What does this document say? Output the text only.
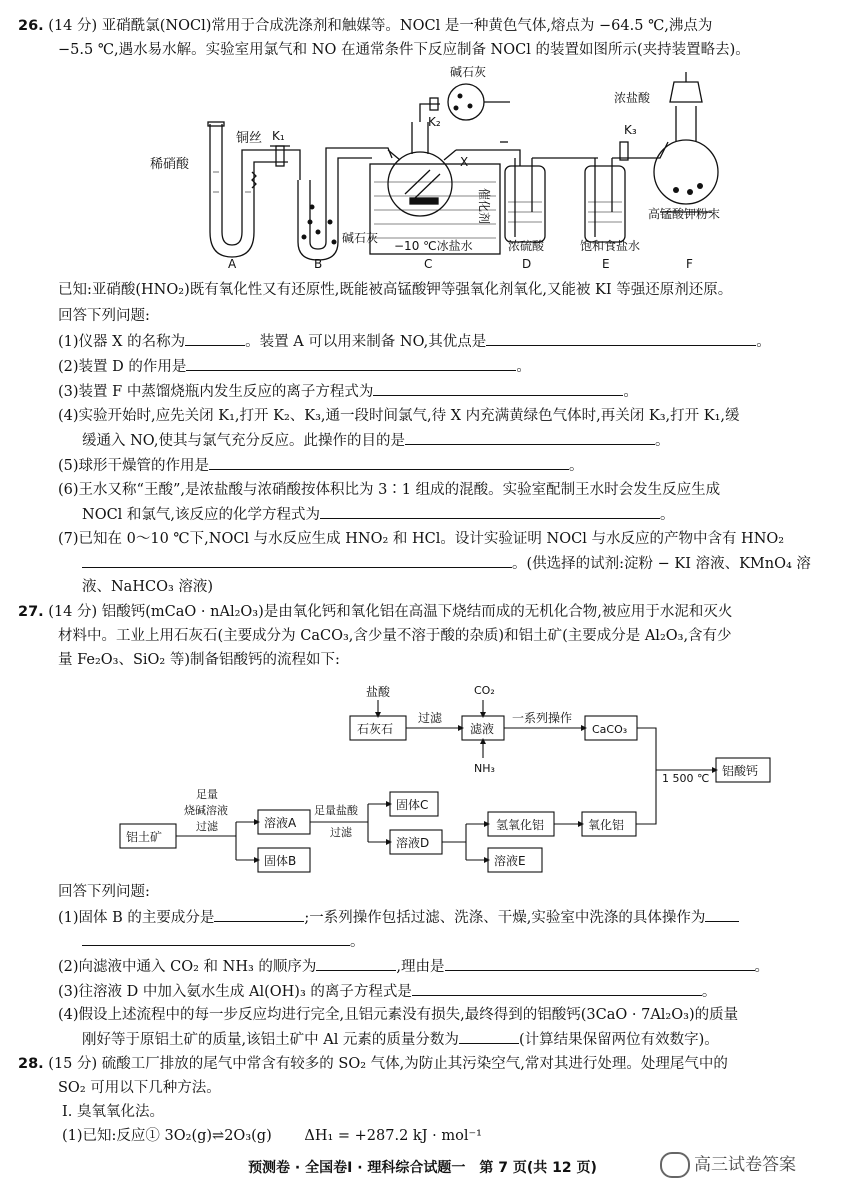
26. (14 分) 亚硝酰氯(NOCl)常用于合成洗涤剂和触媒等。NOCl 是一种黄色气体,熔点为 −64.5 ℃,沸点为
−5.5 ℃,遇水易水解。实验室用氯气和 NO 在通常条件下反应制备 NOCl 的装置如图所示(夹持装置略去)。
稀硝酸
铜丝 K₁
K₂
K₃
碱石灰
碱石灰
X
催化剂
−10 ℃冰盐水	浓硫酸	饱和食盐水
浓盐酸
高锰酸钾粉末
A	B	C	D	E	F
已知:亚硝酸(HNO₂)既有氧化性又有还原性,既能被高锰酸钾等强氧化剂氧化,又能被 KI 等强还原剂还原。
回答下列问题:
(1)仪器 X 的名称为	。装置 A 可以用来制备 NO,其优点是	。
(2)装置 D 的作用是	。
(3)装置 F 中蒸馏烧瓶内发生反应的离子方程式为	。
(4)实验开始时,应先关闭 K₁,打开 K₂、K₃,通一段时间氯气,待 X 内充满黄绿色气体时,再关闭 K₃,打开 K₁,缓
缓通入 NO,使其与氯气充分反应。此操作的目的是	。
(5)球形干燥管的作用是	。
(6)王水又称“王酸”,是浓盐酸与浓硝酸按体积比为 3∶1 组成的混酸。实验室配制王水时会发生反应生成
NOCl 和氯气,该反应的化学方程式为	。
(7)已知在 0～10 ℃下,NOCl 与水反应生成 HNO₂ 和 HCl。设计实验证明 NOCl 与水反应的产物中含有 HNO₂
。(供选择的试剂:淀粉 − KI 溶液、KMnO₄ 溶
液、NaHCO₃ 溶液)
27. (14 分) 铝酸钙(mCaO · nAl₂O₃)是由氧化钙和氧化铝在高温下烧结而成的无机化合物,被应用于水泥和灭火
材料中。工业上用石灰石(主要成分为 CaCO₃,含少量不溶于酸的杂质)和铝土矿(主要成分是 Al₂O₃,含有少
量 Fe₂O₃、SiO₂ 等)制备铝酸钙的流程如下:
盐酸
石灰石
过滤
滤液
CO₂
NH₃
一系列操作
CaCO₃
1 500 ℃
铝酸钙
足量
烧碱溶液
过滤
铝土矿
溶液A
固体B
足量盐酸
过滤
固体C
溶液D
氢氧化铝
溶液E
氧化铝
回答下列问题:
(1)固体 B 的主要成分是	;一系列操作包括过滤、洗涤、干燥,实验室中洗涤的具体操作为
。
(2)向滤液中通入 CO₂ 和 NH₃ 的顺序为	,理由是	。
(3)往溶液 D 中加入氨水生成 Al(OH)₃ 的离子方程式是	。
(4)假设上述流程中的每一步反应均进行完全,且铝元素没有损失,最终得到的铝酸钙(3CaO · 7Al₂O₃)的质量
刚好等于原铝土矿的质量,该铝土矿中 Al 元素的质量分数为	(计算结果保留两位有效数字)。
28. (15 分) 硫酸工厂排放的尾气中常含有较多的 SO₂ 气体,为防止其污染空气,常对其进行处理。处理尾气中的
SO₂ 可用以下几种方法。
Ⅰ. 臭氧氧化法。
(1)已知:反应① 3O₂(g)⇌2O₃(g) ΔH₁ = +287.2 kJ · mol⁻¹
预测卷 · 全国卷Ⅰ · 理科综合试题一　第 7 页(共 12 页)	高三试卷答案
